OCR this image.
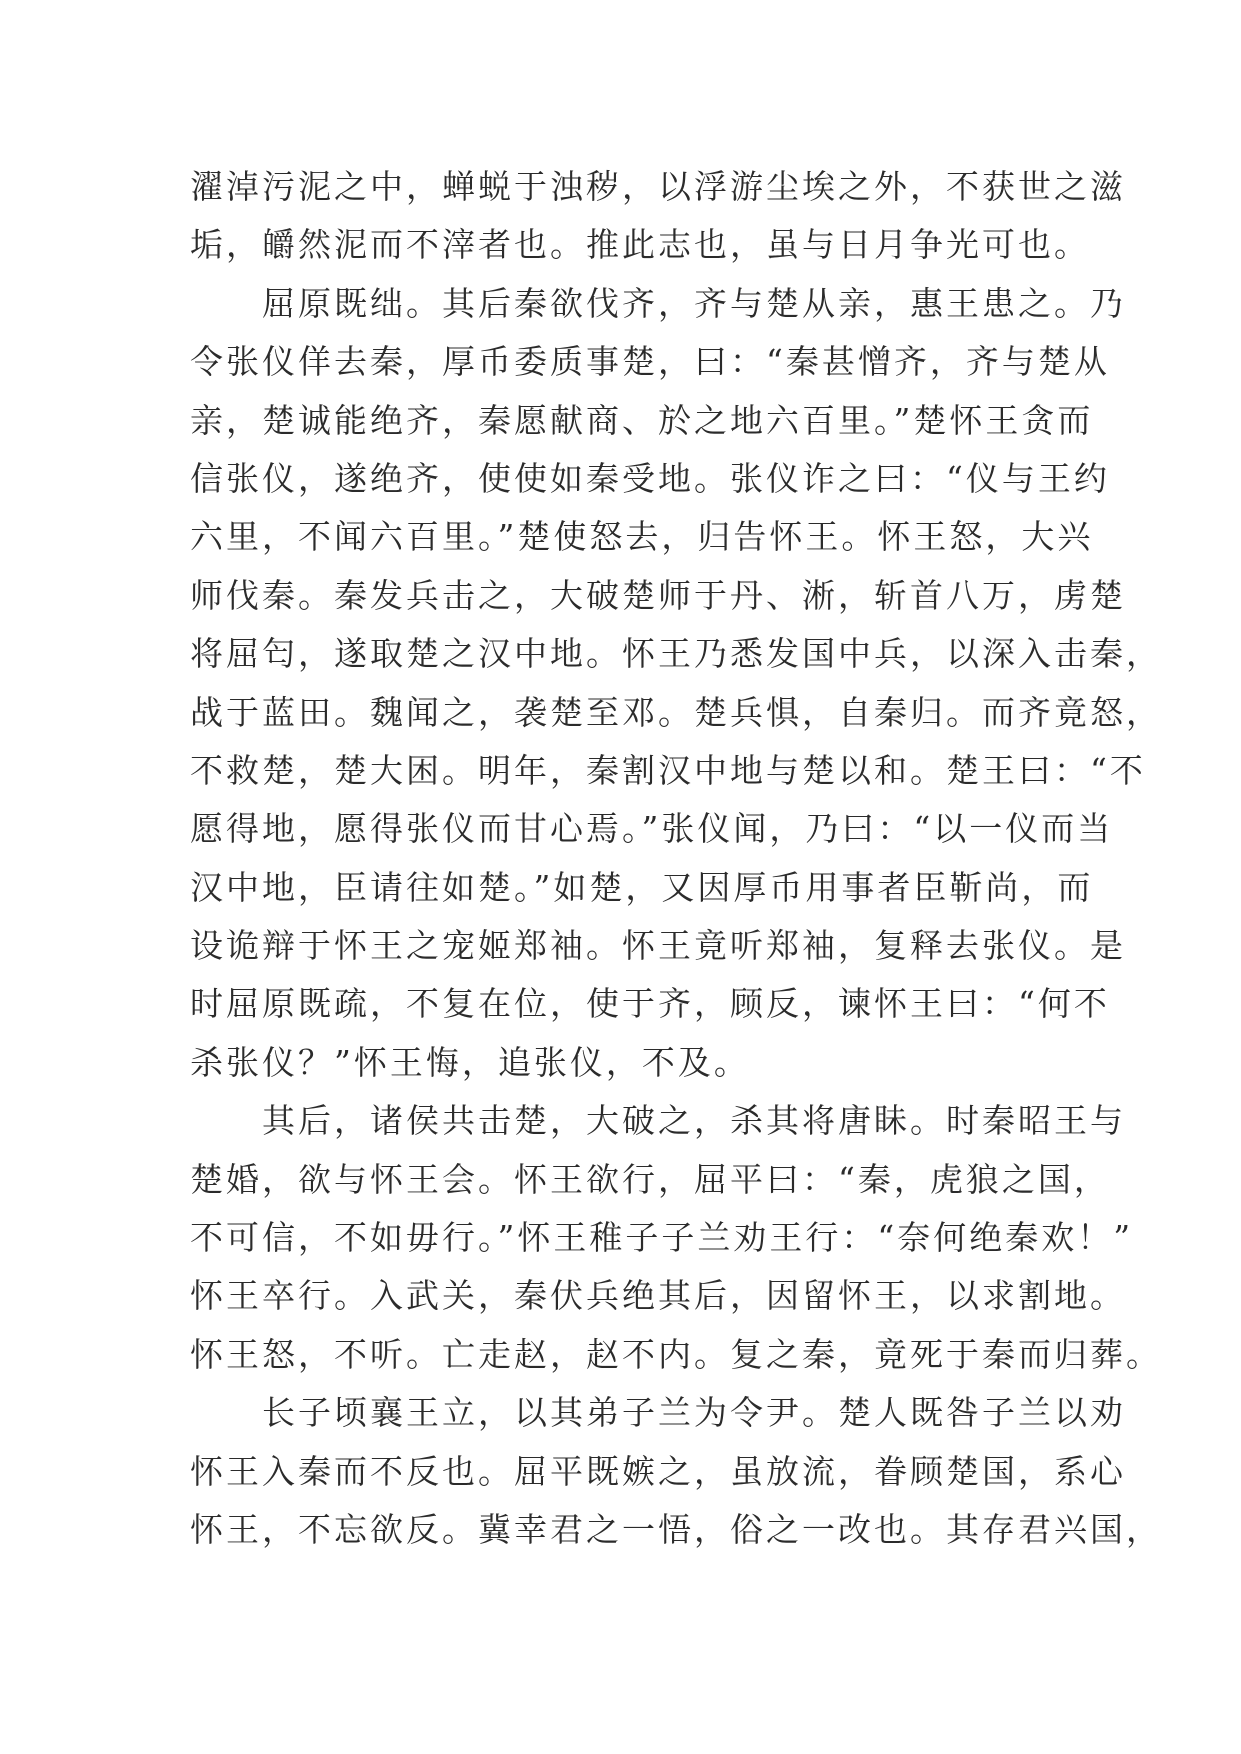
濯淖污泥之中，蝉蜕于浊秽，以浮游尘埃之外，不获世之滋
垢，皭然泥而不滓者也。推此志也，虽与日月争光可也。
屈原既绌。其后秦欲伐齐，齐与楚从亲，惠王患之。乃
令张仪佯去秦，厚币委质事楚，曰：“秦甚憎齐，齐与楚从
亲，楚诚能绝齐，秦愿献商、於之地六百里。”楚怀王贪而
信张仪，遂绝齐，使使如秦受地。张仪诈之曰：“仪与王约
六里，不闻六百里。”楚使怒去，归告怀王。怀王怒，大兴
师伐秦。秦发兵击之，大破楚师于丹、淅，斩首八万，虏楚
将屈匄，遂取楚之汉中地。怀王乃悉发国中兵，以深入击秦，
战于蓝田。魏闻之，袭楚至邓。楚兵惧，自秦归。而齐竟怒，
不救楚，楚大困。明年，秦割汉中地与楚以和。楚王曰：“不
愿得地，愿得张仪而甘心焉。”张仪闻，乃曰：“以一仪而当
汉中地，臣请往如楚。”如楚，又因厚币用事者臣靳尚，而
设诡辩于怀王之宠姬郑袖。怀王竟听郑袖，复释去张仪。是
时屈原既疏，不复在位，使于齐，顾反，谏怀王曰：“何不
杀张仪？”怀王悔，追张仪，不及。
其后，诸侯共击楚，大破之，杀其将唐眛。时秦昭王与
楚婚，欲与怀王会。怀王欲行，屈平曰：“秦，虎狼之国，
不可信，不如毋行。”怀王稚子子兰劝王行：“奈何绝秦欢！”
怀王卒行。入武关，秦伏兵绝其后，因留怀王，以求割地。
怀王怒，不听。亡走赵，赵不内。复之秦，竟死于秦而归葬。
长子顷襄王立，以其弟子兰为令尹。楚人既咎子兰以劝
怀王入秦而不反也。屈平既嫉之，虽放流，眷顾楚国，系心
怀王，不忘欲反。冀幸君之一悟，俗之一改也。其存君兴国，
